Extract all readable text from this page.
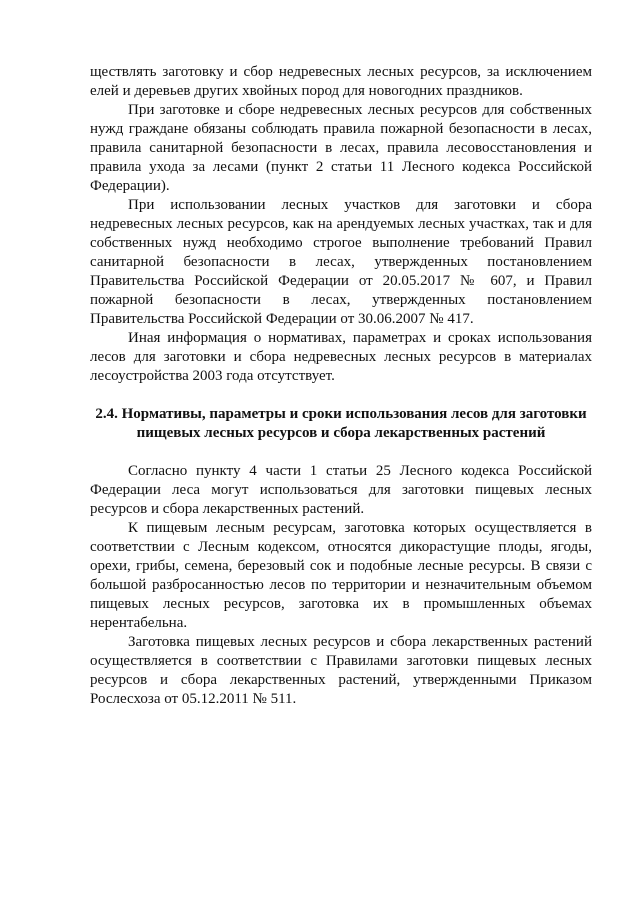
ществлять заготовку и сбор недревесных лесных ресурсов, за исключением елей и деревьев других хвойных пород для новогодних праздников.

При заготовке и сборе недревесных лесных ресурсов для собственных нужд граждане обязаны соблюдать правила пожарной безопасности в лесах, правила санитарной безопасности в лесах, правила лесовосстановления и правила ухода за лесами (пункт 2 статьи 11 Лесного кодекса Российской Федерации).

При использовании лесных участков для заготовки и сбора недревесных лесных ресурсов, как на арендуемых лесных участках, так и для собственных нужд необходимо строгое выполнение требований Правил санитарной безопасности в лесах, утвержденных постановлением Правительства Российской Федерации от 20.05.2017 № 607, и Правил пожарной безопасности в лесах, утвержденных постановлением Правительства Российской Федерации от 30.06.2007 № 417.

Иная информация о нормативах, параметрах и сроках использования лесов для заготовки и сбора недревесных лесных ресурсов в материалах лесоустройства 2003 года отсутствует.

2.4. Нормативы, параметры и сроки использования лесов для заготовки
пищевых лесных ресурсов и сбора лекарственных растений

Согласно пункту 4 части 1 статьи 25 Лесного кодекса Российской Федерации леса могут использоваться для заготовки пищевых лесных ресурсов и сбора лекарственных растений.

К пищевым лесным ресурсам, заготовка которых осуществляется в соответствии с Лесным кодексом, относятся дикорастущие плоды, ягоды, орехи, грибы, семена, березовый сок и подобные лесные ресурсы. В связи с большой разбросанностью лесов по территории и незначительным объемом пищевых лесных ресурсов, заготовка их в промышленных объемах нерентабельна.

Заготовка пищевых лесных ресурсов и сбора лекарственных растений осуществляется в соответствии с Правилами заготовки пищевых лесных ресурсов и сбора лекарственных растений, утвержденными Приказом Рослесхоза от 05.12.2011 № 511.
